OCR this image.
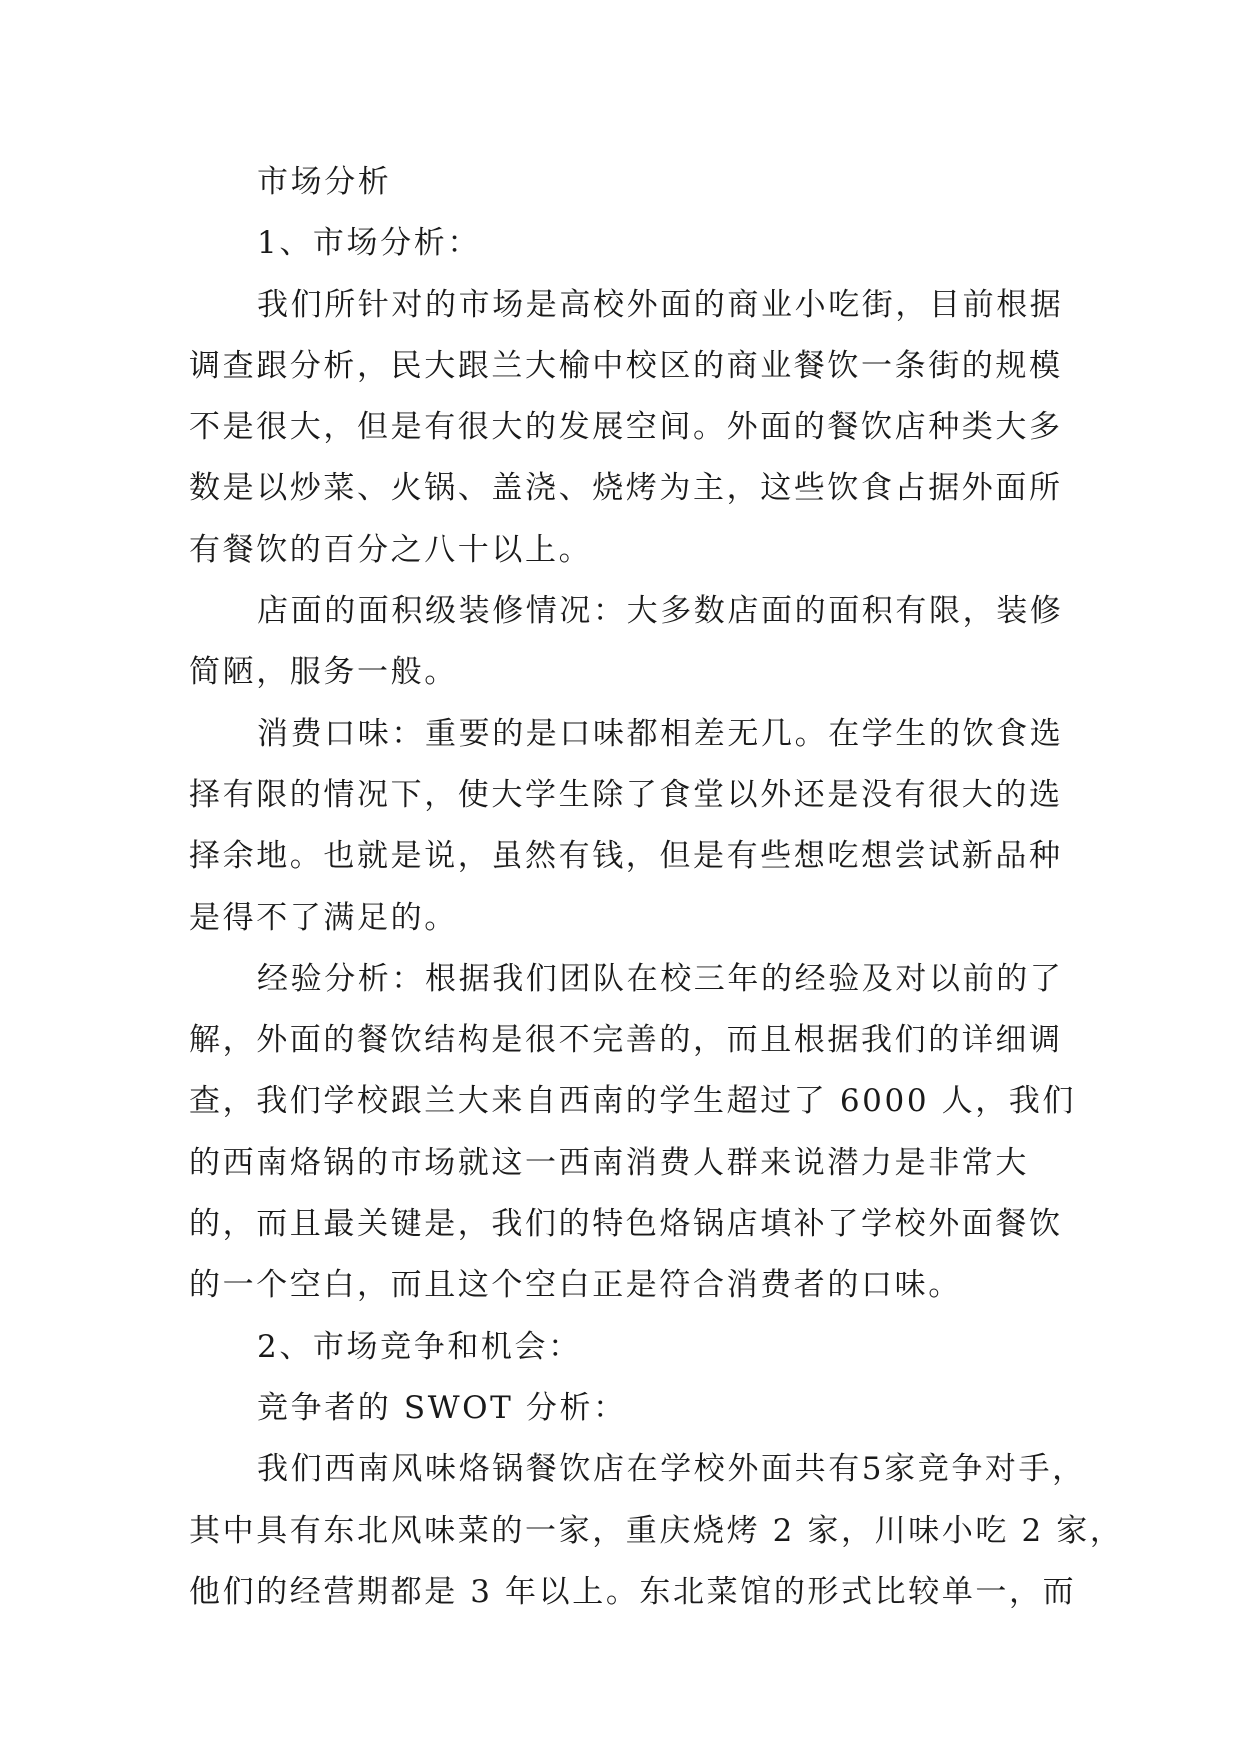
市场分析
1、市场分析：
我们所针对的市场是高校外面的商业小吃街，目前根据
调查跟分析，民大跟兰大榆中校区的商业餐饮一条街的规模
不是很大，但是有很大的发展空间。外面的餐饮店种类大多
数是以炒菜、火锅、盖浇、烧烤为主，这些饮食占据外面所
有餐饮的百分之八十以上。
店面的面积级装修情况：大多数店面的面积有限，装修
简陋，服务一般。
消费口味：重要的是口味都相差无几。在学生的饮食选
择有限的情况下，使大学生除了食堂以外还是没有很大的选
择余地。也就是说，虽然有钱，但是有些想吃想尝试新品种
是得不了满足的。
经验分析：根据我们团队在校三年的经验及对以前的了
解，外面的餐饮结构是很不完善的，而且根据我们的详细调
查，我们学校跟兰大来自西南的学生超过了 6000 人，我们
的西南烙锅的市场就这一西南消费人群来说潜力是非常大
的，而且最关键是，我们的特色烙锅店填补了学校外面餐饮
的一个空白，而且这个空白正是符合消费者的口味。
2、市场竞争和机会：
竞争者的 SWOT 分析：
我们西南风味烙锅餐饮店在学校外面共有5家竞争对手，
其中具有东北风味菜的一家，重庆烧烤 2 家，川味小吃 2 家，
他们的经营期都是 3 年以上。东北菜馆的形式比较单一，而
